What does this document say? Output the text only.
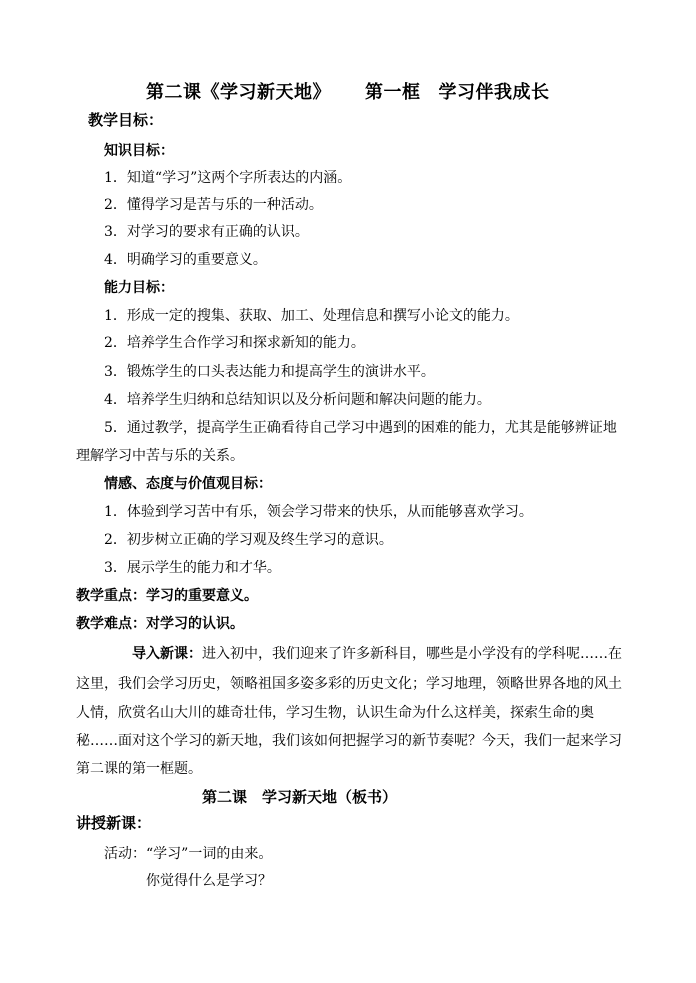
第二课《学习新天地》 第一框 学习伴我成长
教学目标：
知识目标：
1．知道“学习”这两个字所表达的内涵。
2．懂得学习是苦与乐的一种活动。
3．对学习的要求有正确的认识。
4．明确学习的重要意义。
能力目标：
1．形成一定的搜集、获取、加工、处理信息和撰写小论文的能力。
2．培养学生合作学习和探求新知的能力。
3．锻炼学生的口头表达能力和提高学生的演讲水平。
4．培养学生归纳和总结知识以及分析问题和解决问题的能力。
5．通过教学，提高学生正确看待自己学习中遇到的困难的能力，尤其是能够辨证地
理解学习中苦与乐的关系。
情感、态度与价值观目标：
1．体验到学习苦中有乐，领会学习带来的快乐，从而能够喜欢学习。
2．初步树立正确的学习观及终生学习的意识。
3．展示学生的能力和才华。
教学重点：学习的重要意义。
教学难点：对学习的认识。
导入新课：进入初中，我们迎来了许多新科目，哪些是小学没有的学科呢……在
这里，我们会学习历史，领略祖国多姿多彩的历史文化；学习地理，领略世界各地的风土
人情，欣赏名山大川的雄奇壮伟，学习生物，认识生命为什么这样美，探索生命的奥
秘……面对这个学习的新天地，我们该如何把握学习的新节奏呢？今天，我们一起来学习
第二课的第一框题。
第二课　学习新天地（板书）
讲授新课：
活动：“学习”一词的由来。
你觉得什么是学习？
